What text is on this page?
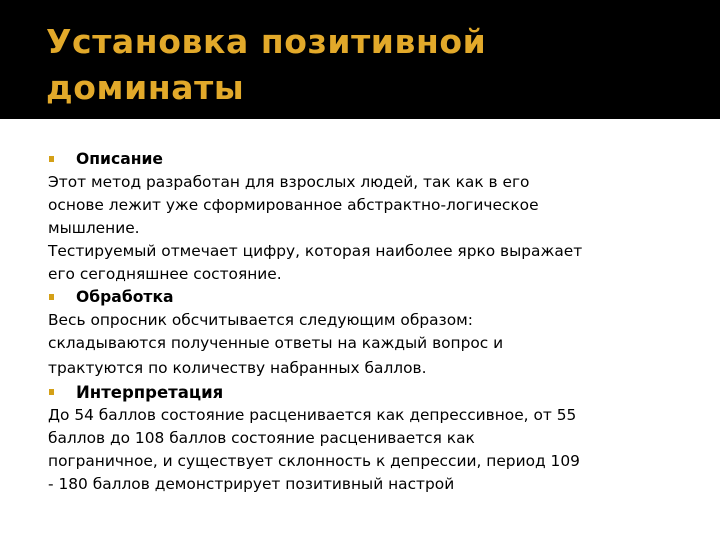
Установка позитивной
доминаты
Описание
Этот метод разработан для взрослых людей, так как в его
основе лежит уже сформированное абстрактно-логическое
мышление.
Тестируемый отмечает цифру, которая наиболее ярко выражает
его сегодняшнее состояние.
Обработка
Весь опросник обсчитывается следующим образом:
складываются полученные ответы на каждый вопрос и
трактуются по количеству набранных баллов.
Интерпретация
До 54 баллов состояние расценивается как депрессивное, от 55
баллов до 108 баллов состояние расценивается как
пограничное, и существует склонность к депрессии, период 109
- 180 баллов демонстрирует позитивный настрой
